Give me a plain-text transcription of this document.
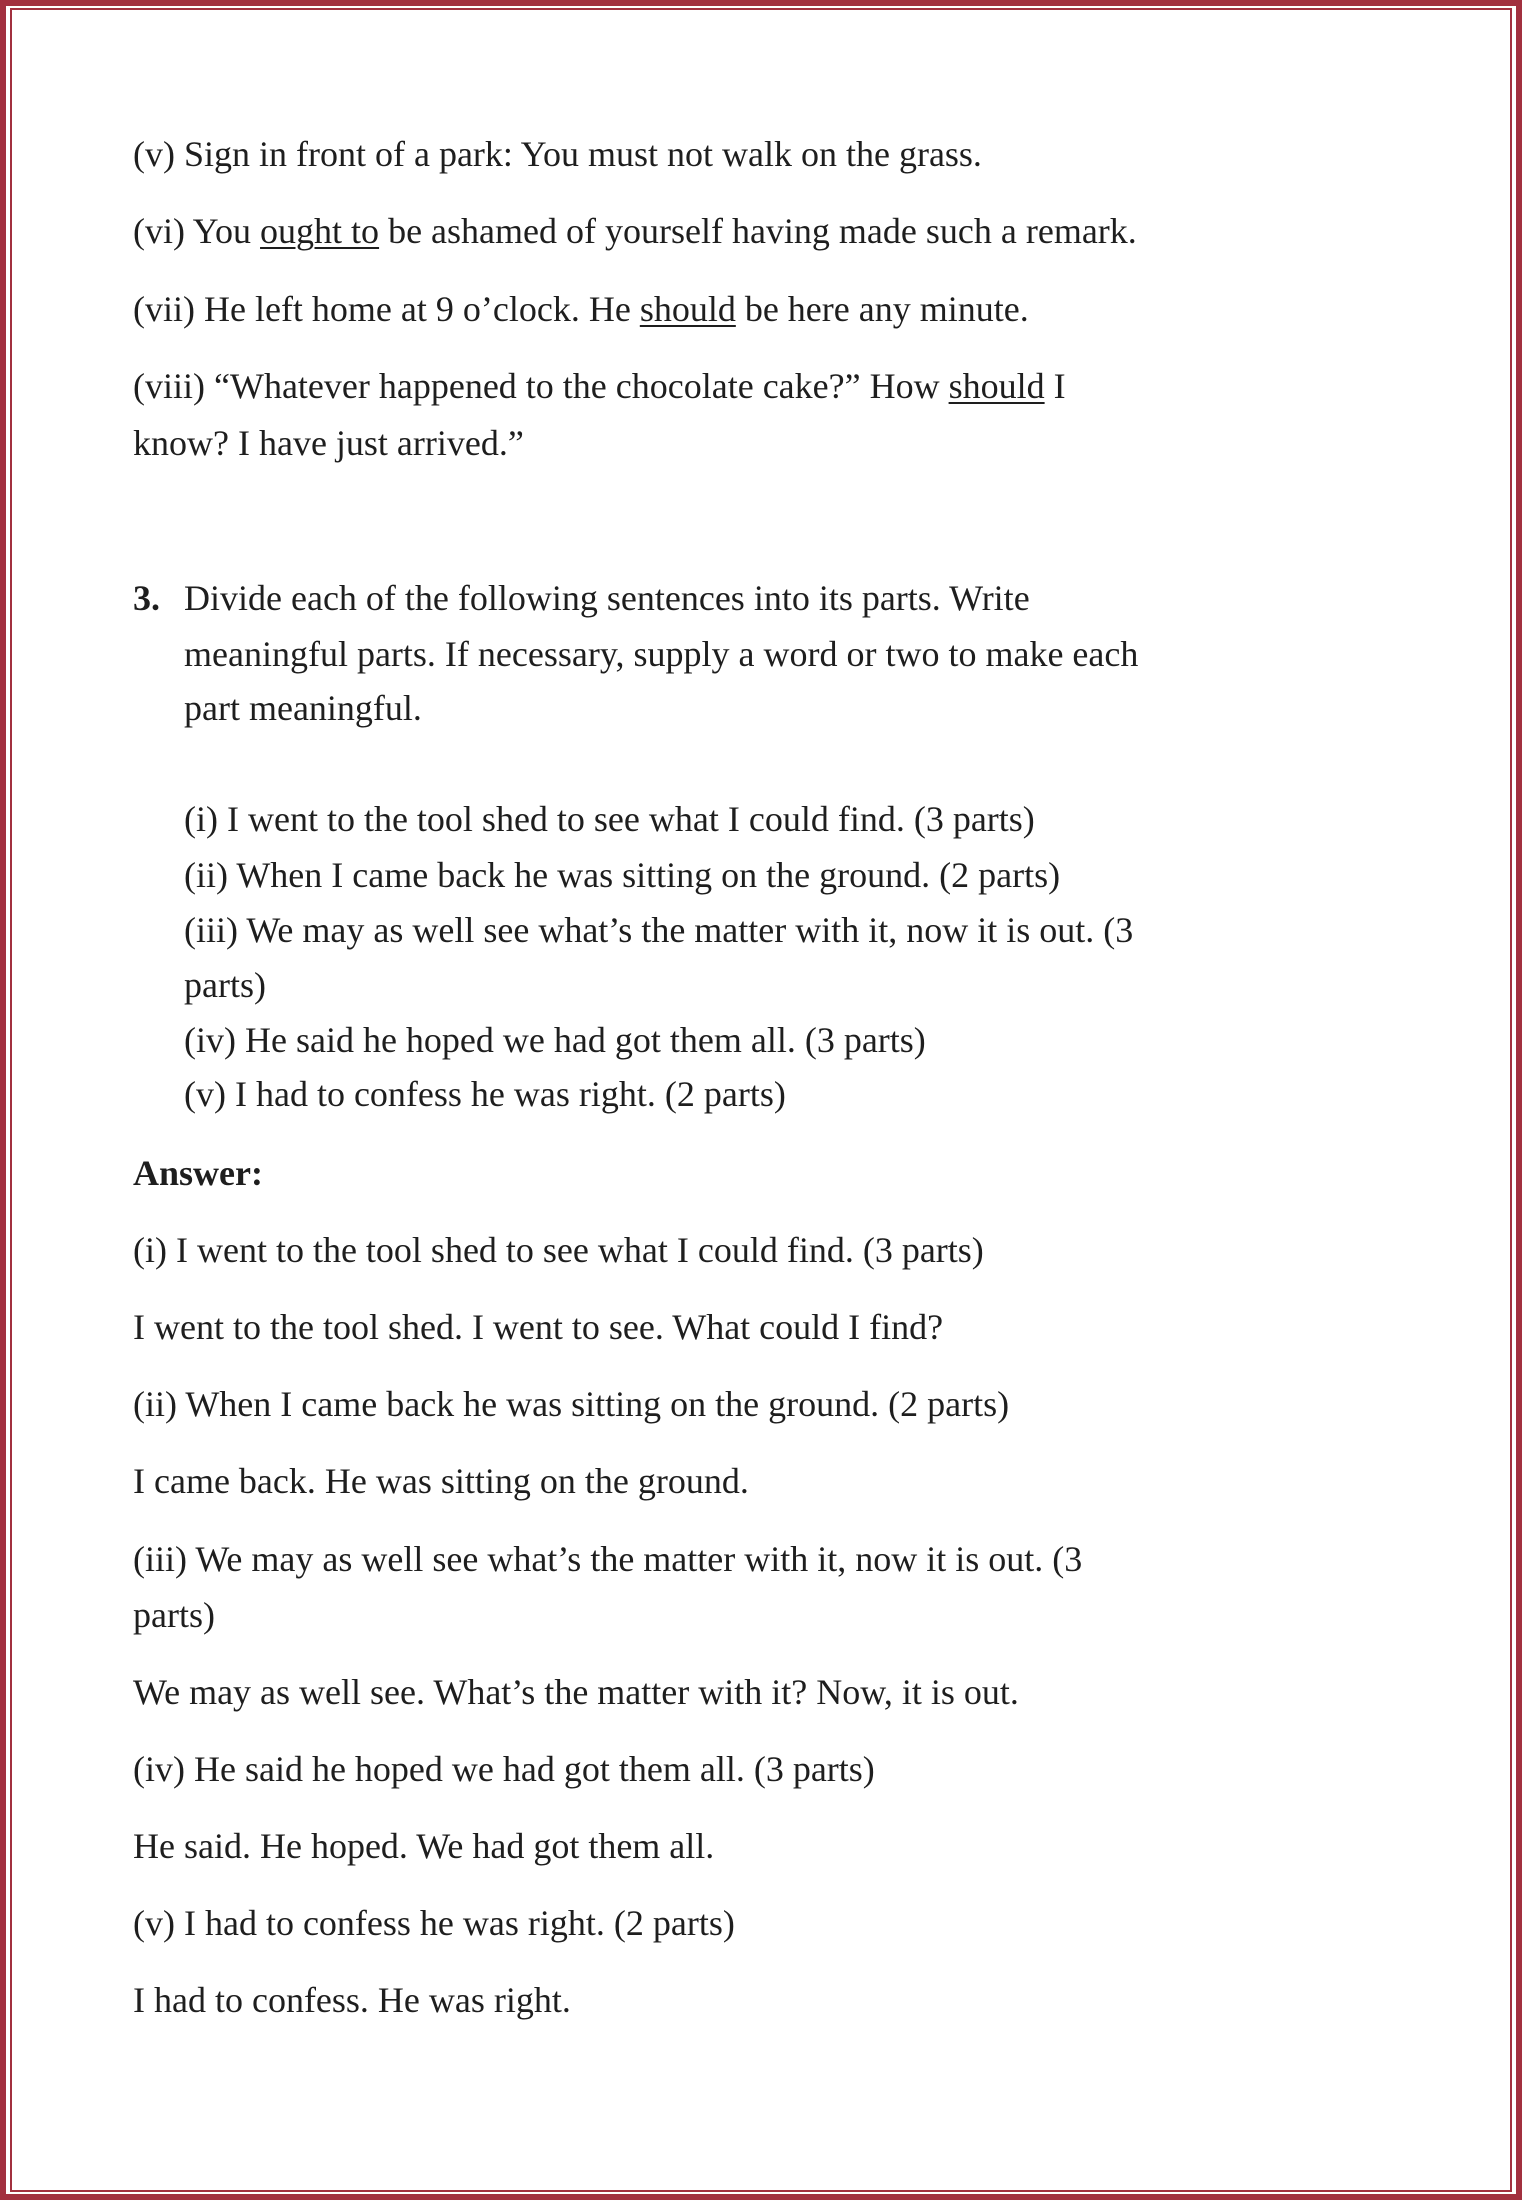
3.
Answer:
(v) Sign in front of a park: You must not walk on the grass.
(vi) You ought to be ashamed of yourself having made such a remark.
(vii) He left home at 9 o’clock. He should be here any minute.
(viii) “Whatever happened to the chocolate cake?” How should I
know? I have just arrived.”
Divide each of the following sentences into its parts. Write
meaningful parts. If necessary, supply a word or two to make each
part meaningful.
(i) I went to the tool shed to see what I could find. (3 parts)
(ii) When I came back he was sitting on the ground. (2 parts)
(iii) We may as well see what’s the matter with it, now it is out. (3
parts)
(iv) He said he hoped we had got them all. (3 parts)
(v) I had to confess he was right. (2 parts)
(i) I went to the tool shed to see what I could find. (3 parts)
I went to the tool shed. I went to see. What could I find?
(ii) When I came back he was sitting on the ground. (2 parts)
I came back. He was sitting on the ground.
(iii) We may as well see what’s the matter with it, now it is out. (3
parts)
We may as well see. What’s the matter with it? Now, it is out.
(iv) He said he hoped we had got them all. (3 parts)
He said. He hoped. We had got them all.
(v) I had to confess he was right. (2 parts)
I had to confess. He was right.
